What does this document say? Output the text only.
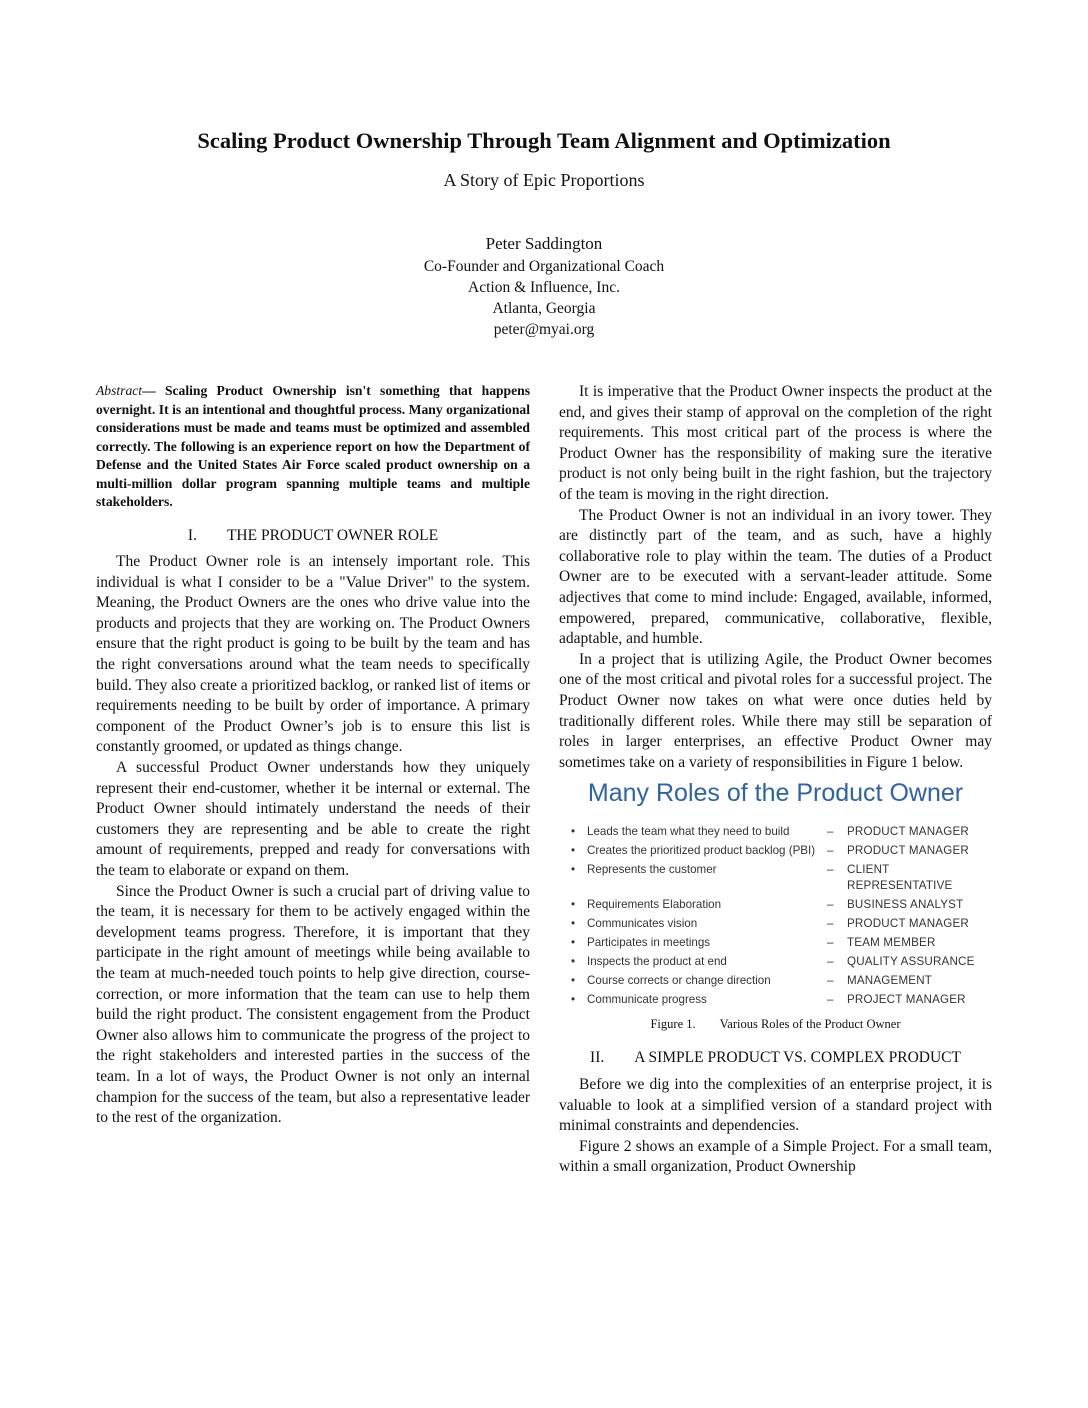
Scaling Product Ownership Through Team Alignment and Optimization
A Story of Epic Proportions
Peter Saddington
Co-Founder and Organizational Coach
Action & Influence, Inc.
Atlanta, Georgia
peter@myai.org

Abstract— Scaling Product Ownership isn't something that happens overnight. It is an intentional and thoughtful process. Many organizational considerations must be made and teams must be optimized and assembled correctly. The following is an experience report on how the Department of Defense and the United States Air Force scaled product ownership on a multi-million dollar program spanning multiple teams and multiple stakeholders.

I. THE PRODUCT OWNER ROLE

The Product Owner role is an intensely important role. This individual is what I consider to be a "Value Driver" to the system. Meaning, the Product Owners are the ones who drive value into the products and projects that they are working on. The Product Owners ensure that the right product is going to be built by the team and has the right conversations around what the team needs to specifically build. They also create a prioritized backlog, or ranked list of items or requirements needing to be built by order of importance. A primary component of the Product Owner’s job is to ensure this list is constantly groomed, or updated as things change.

A successful Product Owner understands how they uniquely represent their end-customer, whether it be internal or external. The Product Owner should intimately understand the needs of their customers they are representing and be able to create the right amount of requirements, prepped and ready for conversations with the team to elaborate or expand on them.

Since the Product Owner is such a crucial part of driving value to the team, it is necessary for them to be actively engaged within the development teams progress. Therefore, it is important that they participate in the right amount of meetings while being available to the team at much-needed touch points to help give direction, course-correction, or more information that the team can use to help them build the right product. The consistent engagement from the Product Owner also allows him to communicate the progress of the project to the right stakeholders and interested parties in the success of the team. In a lot of ways, the Product Owner is not only an internal champion for the success of the team, but also a representative leader to the rest of the organization.

It is imperative that the Product Owner inspects the product at the end, and gives their stamp of approval on the completion of the right requirements. This most critical part of the process is where the Product Owner has the responsibility of making sure the iterative product is not only being built in the right fashion, but the trajectory of the team is moving in the right direction.

The Product Owner is not an individual in an ivory tower. They are distinctly part of the team, and as such, have a highly collaborative role to play within the team. The duties of a Product Owner are to be executed with a servant-leader attitude. Some adjectives that come to mind include: Engaged, available, informed, empowered, prepared, communicative, collaborative, flexible, adaptable, and humble.

In a project that is utilizing Agile, the Product Owner becomes one of the most critical and pivotal roles for a successful project. The Product Owner now takes on what were once duties held by traditionally different roles. While there may still be separation of roles in larger enterprises, an effective Product Owner may sometimes take on a variety of responsibilities in Figure 1 below.

Many Roles of the Product Owner
•	Leads the team what they need to build	–	PRODUCT MANAGER
•	Creates the prioritized product backlog (PBI)	–	PRODUCT MANAGER
•	Represents the customer	–	CLIENT REPRESENTATIVE
•	Requirements Elaboration	–	BUSINESS ANALYST
•	Communicates vision	–	PRODUCT MANAGER
•	Participates in meetings	–	TEAM MEMBER
•	Inspects the product at end	–	QUALITY ASSURANCE
•	Course corrects or change direction	–	MANAGEMENT
•	Communicate progress	–	PROJECT MANAGER
Figure 1. Various Roles of the Product Owner
II. A SIMPLE PRODUCT VS. COMPLEX PRODUCT

Before we dig into the complexities of an enterprise project, it is valuable to look at a simplified version of a standard project with minimal constraints and dependencies.

Figure 2 shows an example of a Simple Project. For a small team, within a small organization, Product Ownership
